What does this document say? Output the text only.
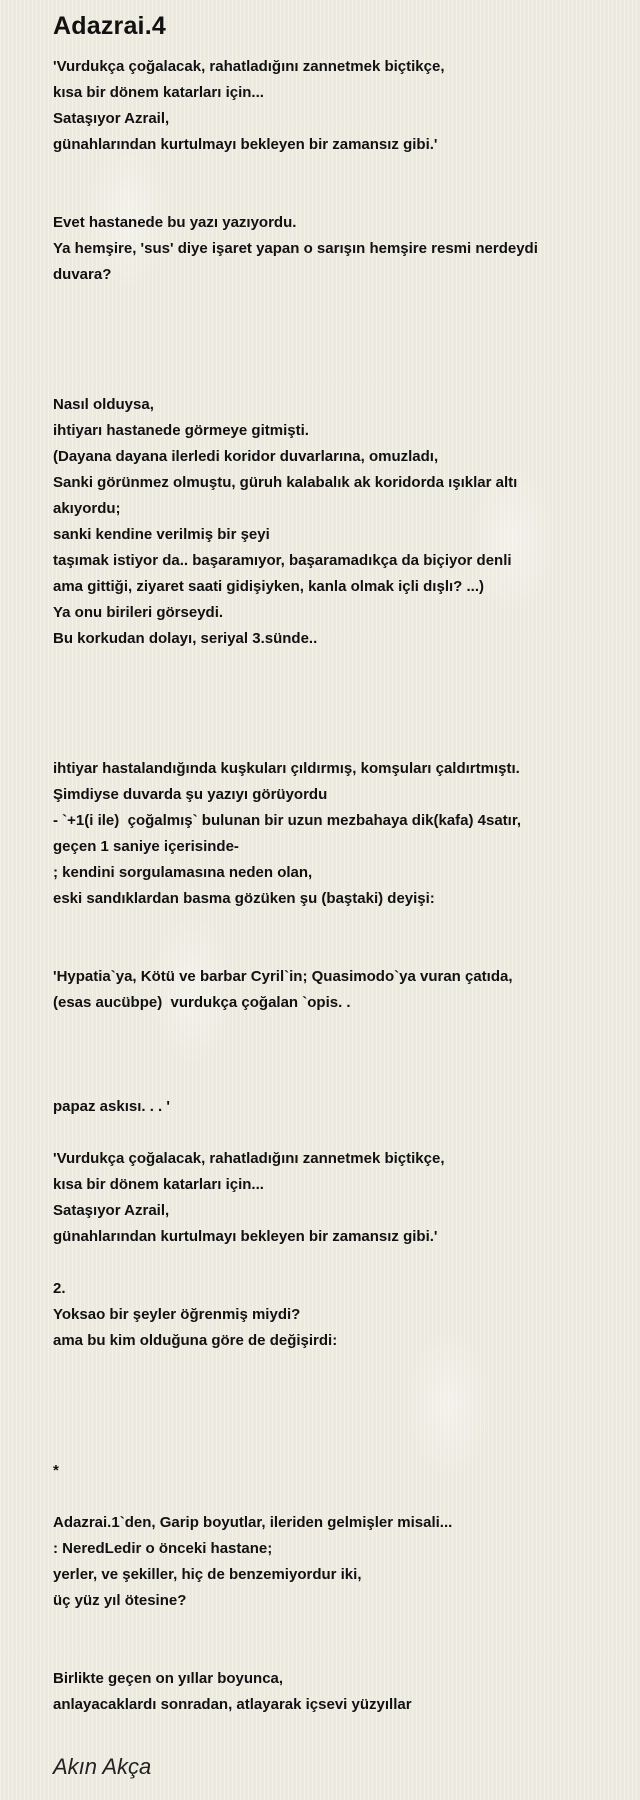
Adazrai.4
'Vurdukça çoğalacak, rahatladığını zannetmek biçtikçe,
kısa bir dönem katarları için...
Sataşıyor Azrail,
günahlarından kurtulmayı bekleyen bir zamansız gibi.'
Evet hastanede bu yazı yazıyordu.
Ya hemşire, 'sus' diye işaret yapan o sarışın hemşire resmi nerdeydi
duvara?
Nasıl olduysa,
ihtiyarı hastanede görmeye gitmişti.
(Dayana dayana ilerledi koridor duvarlarına, omuzladı,
Sanki görünmez olmuştu, güruh kalabalık ak koridorda ışıklar altı
akıyordu;
sanki kendine verilmiş bir şeyi
taşımak istiyor da.. başaramıyor, başaramadıkça da biçiyor denli
ama gittiği, ziyaret saati gidişiyken, kanla olmak içli dışlı? ...)
Ya onu birileri görseydi.
Bu korkudan dolayı, seriyal 3.sünde..
ihtiyar hastalandığında kuşkuları çıldırmış, komşuları çaldırtmıştı.
Şimdiyse duvarda şu yazıyı görüyordu
- `+1(i ile)  çoğalmış` bulunan bir uzun mezbahaya dik(kafa) 4satır,
geçen 1 saniye içerisinde-
; kendini sorgulamasına neden olan,
eski sandıklardan basma gözüken şu (baştaki) deyişi:
'Hypatia`ya, Kötü ve barbar Cyril`in; Quasimodo`ya vuran çatıda,
(esas aucübpe)  vurdukça çoğalan `opis. .
papaz askısı. . . '
'Vurdukça çoğalacak, rahatladığını zannetmek biçtikçe,
kısa bir dönem katarları için...
Sataşıyor Azrail,
günahlarından kurtulmayı bekleyen bir zamansız gibi.'
2.
Yoksao bir şeyler öğrenmiş miydi?
ama bu kim olduğuna göre de değişirdi:
*
Adazrai.1`den, Garip boyutlar, ileriden gelmişler misali...
: NeredLedir o önceki hastane;
yerler, ve şekiller, hiç de benzemiyordur iki,
üç yüz yıl ötesine?
Birlikte geçen on yıllar boyunca,
anlayacaklardı sonradan, atlayarak içsevi yüzyıllar
Akın Akça
